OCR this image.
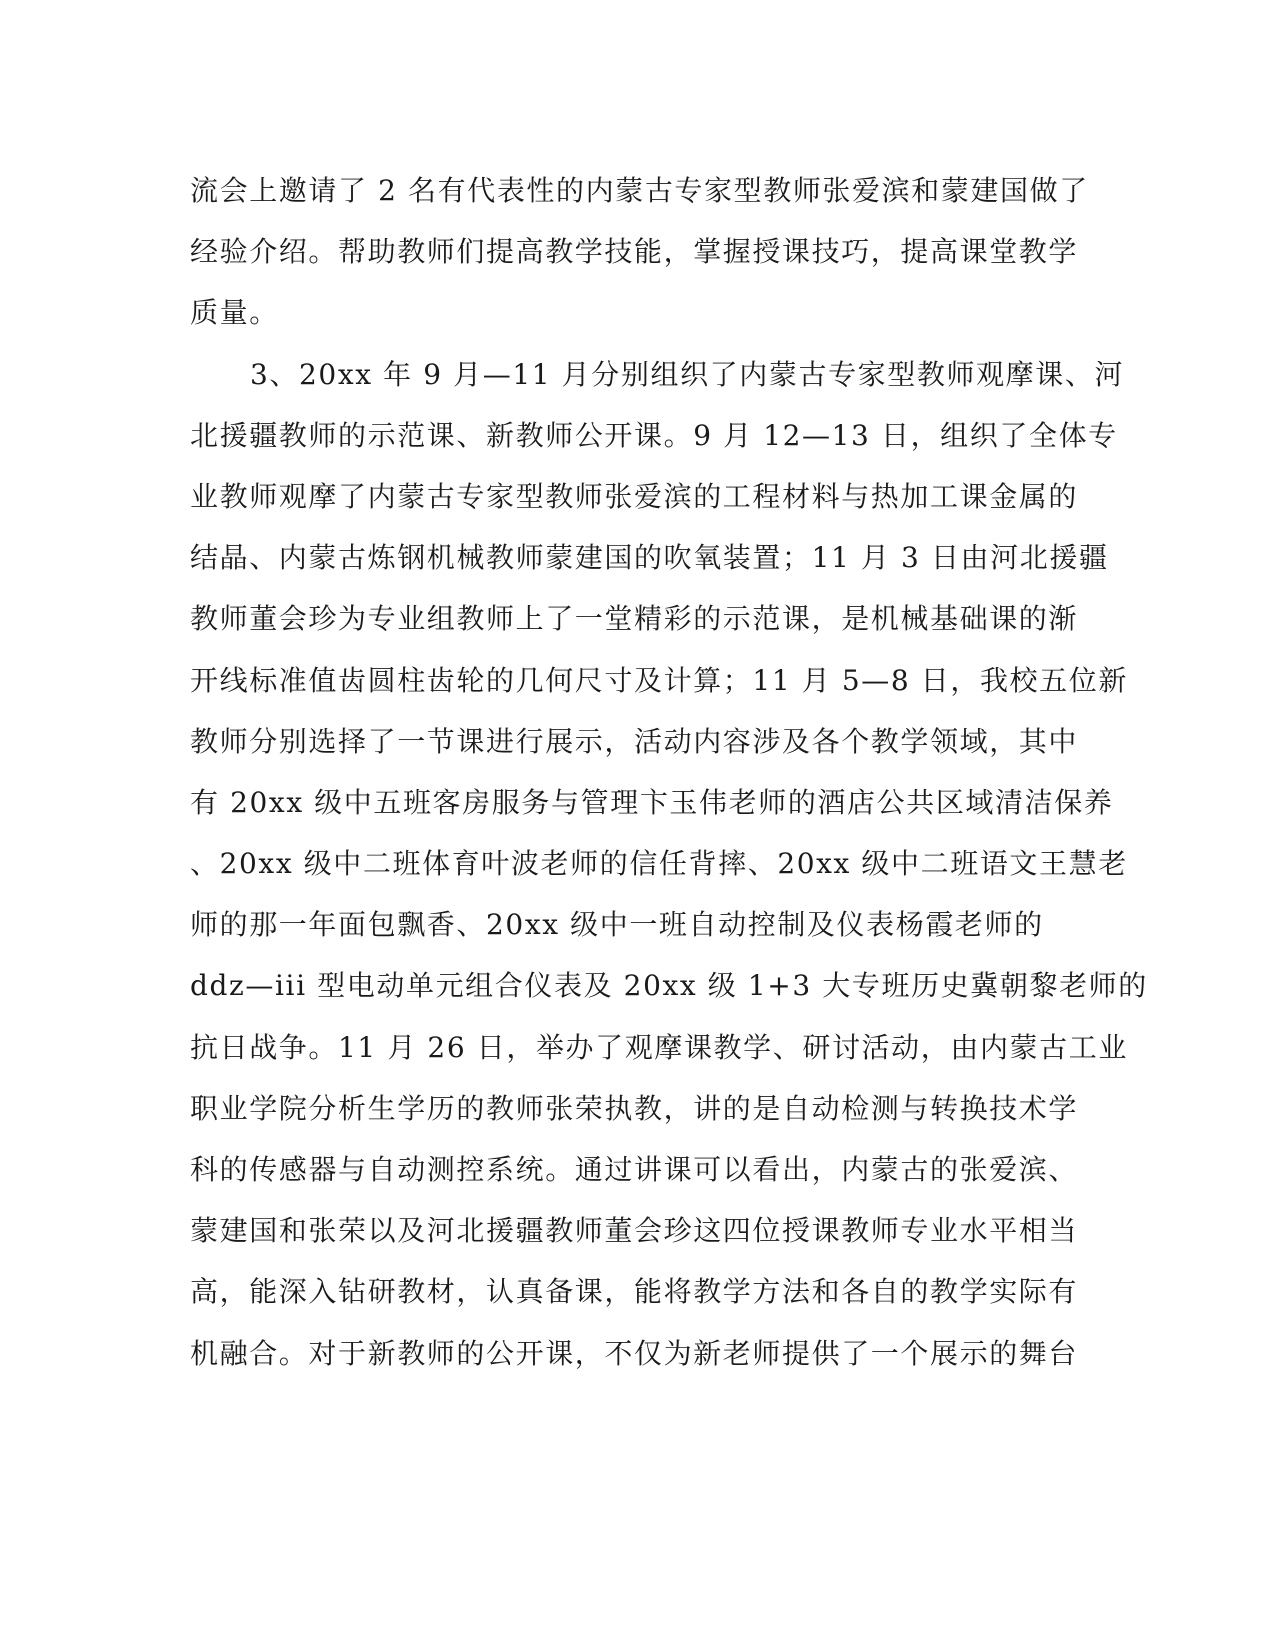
流会上邀请了 2 名有代表性的内蒙古专家型教师张爱滨和蒙建国做了
经验介绍。帮助教师们提高教学技能，掌握授课技巧，提高课堂教学
质量。
3、20xx 年 9 月—11 月分别组织了内蒙古专家型教师观摩课、河
北援疆教师的示范课、新教师公开课。9 月 12—13 日，组织了全体专
业教师观摩了内蒙古专家型教师张爱滨的工程材料与热加工课金属的
结晶、内蒙古炼钢机械教师蒙建国的吹氧装置；11 月 3 日由河北援疆
教师董会珍为专业组教师上了一堂精彩的示范课，是机械基础课的渐
开线标准值齿圆柱齿轮的几何尺寸及计算；11 月 5—8 日，我校五位新
教师分别选择了一节课进行展示，活动内容涉及各个教学领域，其中
有 20xx 级中五班客房服务与管理卞玉伟老师的酒店公共区域清洁保养
、20xx 级中二班体育叶波老师的信任背摔、20xx 级中二班语文王慧老
师的那一年面包飘香、20xx 级中一班自动控制及仪表杨霞老师的
ddz—iii 型电动单元组合仪表及 20xx 级 1+3 大专班历史冀朝黎老师的
抗日战争。11 月 26 日，举办了观摩课教学、研讨活动，由内蒙古工业
职业学院分析生学历的教师张荣执教，讲的是自动检测与转换技术学
科的传感器与自动测控系统。通过讲课可以看出，内蒙古的张爱滨、
蒙建国和张荣以及河北援疆教师董会珍这四位授课教师专业水平相当
高，能深入钻研教材，认真备课，能将教学方法和各自的教学实际有
机融合。对于新教师的公开课，不仅为新老师提供了一个展示的舞台
